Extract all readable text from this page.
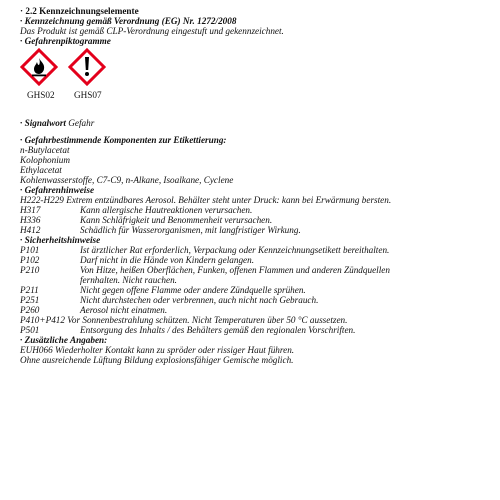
· 2.2 Kennzeichnungselemente
· Kennzeichnung gemäß Verordnung (EG) Nr. 1272/2008
Das Produkt ist gemäß CLP-Verordnung eingestuft und gekennzeichnet.
· Gefahrenpiktogramme
GHS02 GHS07
· Signalwort Gefahr
· Gefahrbestimmende Komponenten zur Etikettierung:
n-Butylacetat
Kolophonium
Ethylacetat
Kohlenwasserstoffe, C7-C9, n-Alkane, Isoalkane, Cyclene
· Gefahrenhinweise
H222-H229 Extrem entzündbares Aerosol. Behälter steht unter Druck: kann bei Erwärmung bersten.
H317	Kann allergische Hautreaktionen verursachen.
H336	Kann Schläfrigkeit und Benommenheit verursachen.
H412	Schädlich für Wasserorganismen, mit langfristiger Wirkung.
· Sicherheitshinweise
P101	Ist ärztlicher Rat erforderlich, Verpackung oder Kennzeichnungsetikett bereithalten.
P102	Darf nicht in die Hände von Kindern gelangen.
P210	Von Hitze, heißen Oberflächen, Funken, offenen Flammen und anderen Zündquellen
fernhalten. Nicht rauchen.
P211	Nicht gegen offene Flamme oder andere Zündquelle sprühen.
P251	Nicht durchstechen oder verbrennen, auch nicht nach Gebrauch.
P260	Aerosol nicht einatmen.
P410+P412 Vor Sonnenbestrahlung schützen. Nicht Temperaturen über 50 °C aussetzen.
P501	Entsorgung des Inhalts / des Behälters gemäß den regionalen Vorschriften.
· Zusätzliche Angaben:
EUH066 Wiederholter Kontakt kann zu spröder oder rissiger Haut führen.
Ohne ausreichende Lüftung Bildung explosionsfähiger Gemische möglich.
